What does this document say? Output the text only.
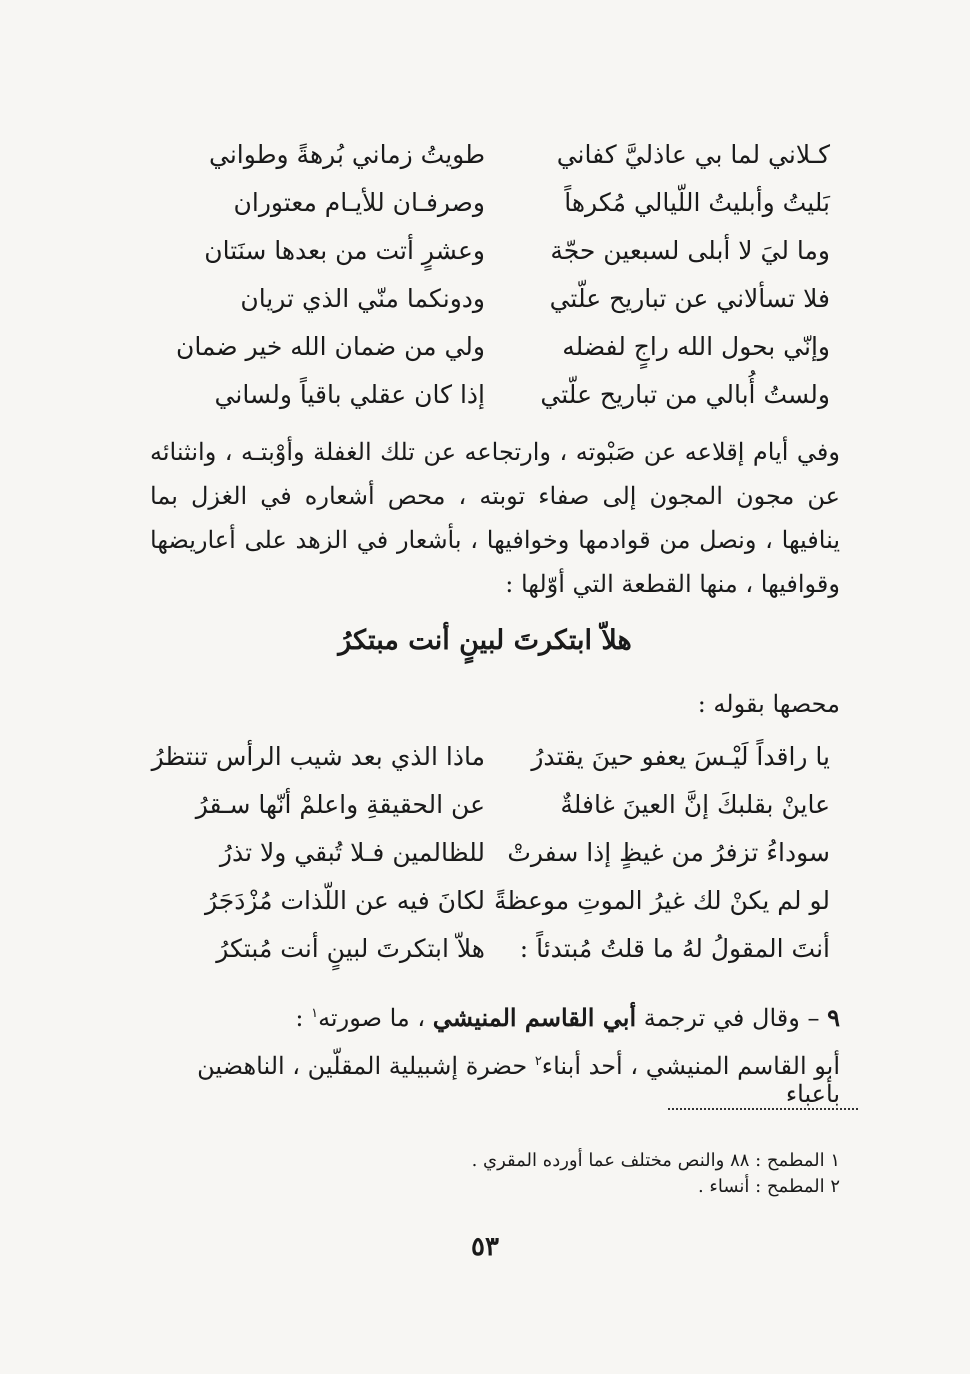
كـلاني لما بي عاذليَّ كفاني
طويتُ زماني بُرهةً وطواني
بَليتُ وأبليتُ اللّيالي مُكرهاً
وصرفـان للأيـام معتوران
وما ليَ لا أبلى لسبعين حجّة
وعشرٍ أتت من بعدها سنَتان
فلا تسألاني عن تباريح علّتي
ودونكما منّي الذي تريان
وإنّي بحول الله راجٍ لفضله
ولي من ضمان الله خير ضمان
ولستُ أُبالي من تباريح علّتي
إذا كان عقلي باقياً ولساني
وفي أيام إقلاعه عن صَبْوته ، وارتجاعه عن تلك الغفلة وأوْبتـه ، وانثنائه عن مجون المجون إلى صفاء توبته ، محص أشعاره في الغزل بما ينافيها ، ونصل من قوادمها وخوافيها ، بأشعار في الزهد على أعاريضها وقوافيها ، منها القطعة التي أوّلها :
هلاّ ابتكرتَ لبينٍ أنت مبتكرُ
محصها بقوله :
يا راقداً لَيْـسَ يعفو حينَ يقتدرُ
ماذا الذي بعد شيب الرأس تنتظرُ
عاينْ بقلبكَ إنَّ العينَ غافلةٌ
عن الحقيقةِ واعلمْ أنّها سـقرُ
سوداءُ تزفرُ من غيظٍ إذا سفرتْ
للظالمين فـلا تُبقي ولا تذرُ
لو لم يكنْ لك غيرُ الموتِ موعظةً
لكانَ فيه عن اللّذات مُزْدَجَرُ
أنتَ المقولُ لهُ ما قلتُ مُبتدئاً :
هلاّ ابتكرتَ لبينٍ أنت مُبتكرُ
٩ – وقال في ترجمة أبي القاسم المنيشي ، ما صورته$^١$ :
أبو القاسم المنيشي ، أحد أبناء$^٢$ حضرة إشبيلية المقلّين ، الناهضين بأعباء
١ المطمح : ٨٨ والنص مختلف عما أورده المقري .
٢ المطمح : أنساء .
٥٣
